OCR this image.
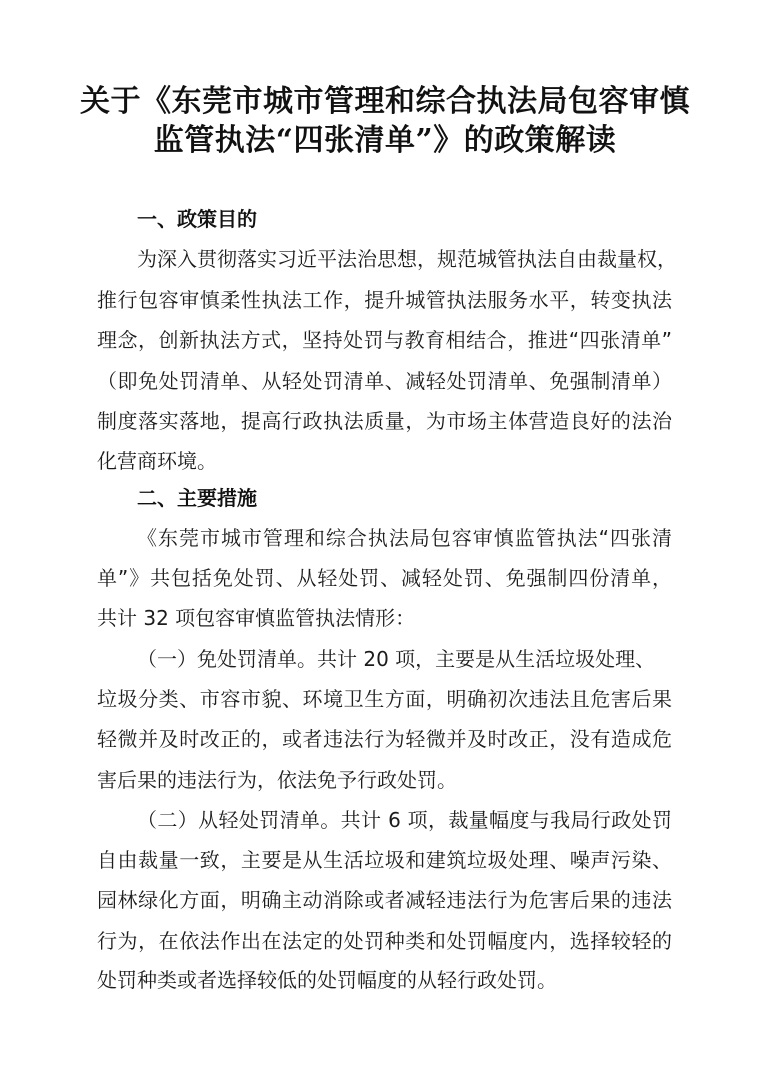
关于《东莞市城市管理和综合执法局包容审慎
监管执法“四张清单”》的政策解读
一、政策目的
为深入贯彻落实习近平法治思想，规范城管执法自由裁量权，
推行包容审慎柔性执法工作，提升城管执法服务水平，转变执法
理念，创新执法方式，坚持处罚与教育相结合，推进“四张清单”
（即免处罚清单、从轻处罚清单、减轻处罚清单、免强制清单）
制度落实落地，提高行政执法质量，为市场主体营造良好的法治
化营商环境。
二、主要措施
《东莞市城市管理和综合执法局包容审慎监管执法“四张清
单”》共包括免处罚、从轻处罚、减轻处罚、免强制四份清单，
共计 32 项包容审慎监管执法情形：
（一）免处罚清单。共计 20 项，主要是从生活垃圾处理、
垃圾分类、市容市貌、环境卫生方面，明确初次违法且危害后果
轻微并及时改正的，或者违法行为轻微并及时改正，没有造成危
害后果的违法行为，依法免予行政处罚。
（二）从轻处罚清单。共计 6 项，裁量幅度与我局行政处罚
自由裁量一致，主要是从生活垃圾和建筑垃圾处理、噪声污染、
园林绿化方面，明确主动消除或者减轻违法行为危害后果的违法
行为，在依法作出在法定的处罚种类和处罚幅度内，选择较轻的
处罚种类或者选择较低的处罚幅度的从轻行政处罚。
